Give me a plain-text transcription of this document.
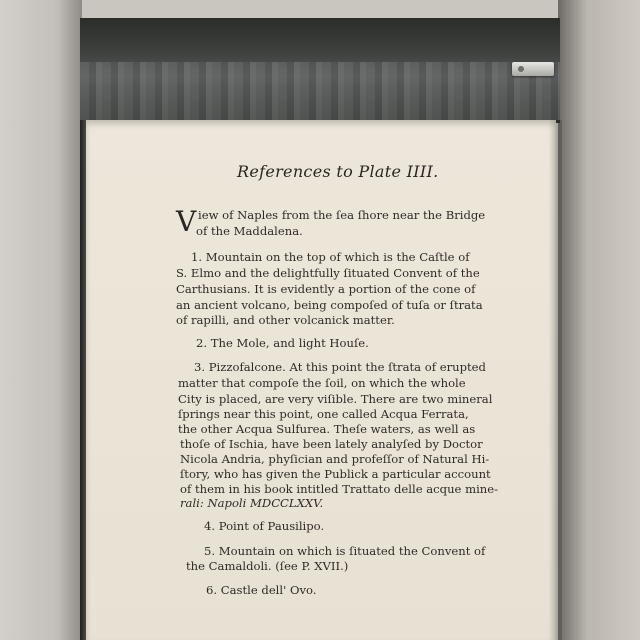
References to Plate IIII.
V iew of Naples from the ſea ſhore near the Bridge
of the Maddalena.
1. Mountain on the top of which is the Caſtle of
S. Elmo and the delightfully ſituated Convent of the
Carthusians. It is evidently a portion of the cone of
an ancient volcano, being compoſed of tuſa or ſtrata
of rapilli, and other volcanick matter.
2. The Mole, and light Houſe.
3. Pizzofalcone. At this point the ſtrata of erupted
matter that compoſe the ſoil, on which the whole
City is placed, are very viſible. There are two mineral
ſprings near this point, one called Acqua Ferrata,
the other Acqua Sulfurea. Theſe waters, as well as
thoſe of Ischia, have been lately analyſed by Doctor
Nicola Andria, phyſician and profeſſor of Natural Hi-
ſtory, who has given the Publick a particular account
of them in his book intitled Trattato delle acque mine-
rali: Napoli MDCCLXXV.
4. Point of Pausilipo.
5. Mountain on which is ſituated the Convent of
the Camaldoli. (ſee P. XVII.)
6. Castle dell' Ovo.
